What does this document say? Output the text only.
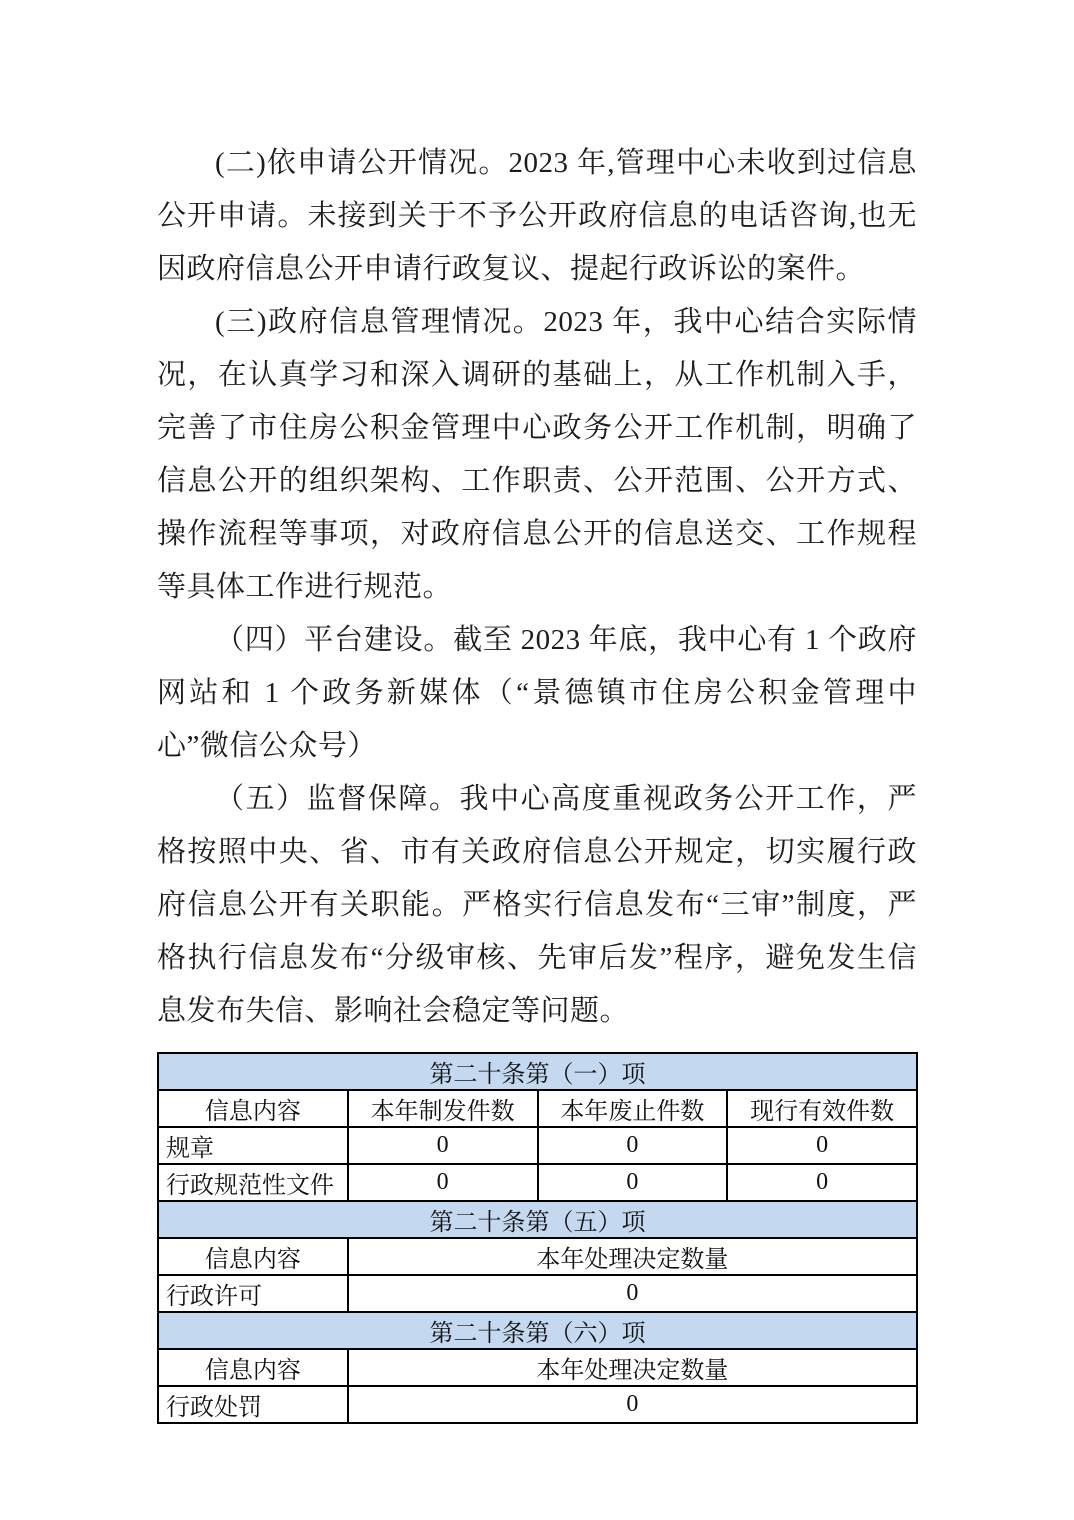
(二)依申请公开情况。2023 年,管理中心未收到过信息公开申请。未接到关于不予公开政府信息的电话咨询,也无因政府信息公开申请行政复议、提起行政诉讼的案件。

(三)政府信息管理情况。2023 年，我中心结合实际情况，在认真学习和深入调研的基础上，从工作机制入手，完善了市住房公积金管理中心政务公开工作机制，明确了信息公开的组织架构、工作职责、公开范围、公开方式、操作流程等事项，对政府信息公开的信息送交、工作规程等具体工作进行规范。

（四）平台建设。截至 2023 年底，我中心有 1 个政府网站和 1 个政务新媒体（“景德镇市住房公积金管理中心”微信公众号）

（五）监督保障。我中心高度重视政务公开工作，严格按照中央、省、市有关政府信息公开规定，切实履行政府信息公开有关职能。严格实行信息发布“三审”制度，严格执行信息发布“分级审核、先审后发”程序，避免发生信息发布失信、影响社会稳定等问题。

第二十条第（一）项			
信息内容	本年制发件数	本年废止件数	现行有效件数
规章	0	0	0
行政规范性文件	0	0	0
第二十条第（五）项			
信息内容	本年处理决定数量		
行政许可	0		
第二十条第（六）项			
信息内容	本年处理决定数量		
行政处罚	0		
